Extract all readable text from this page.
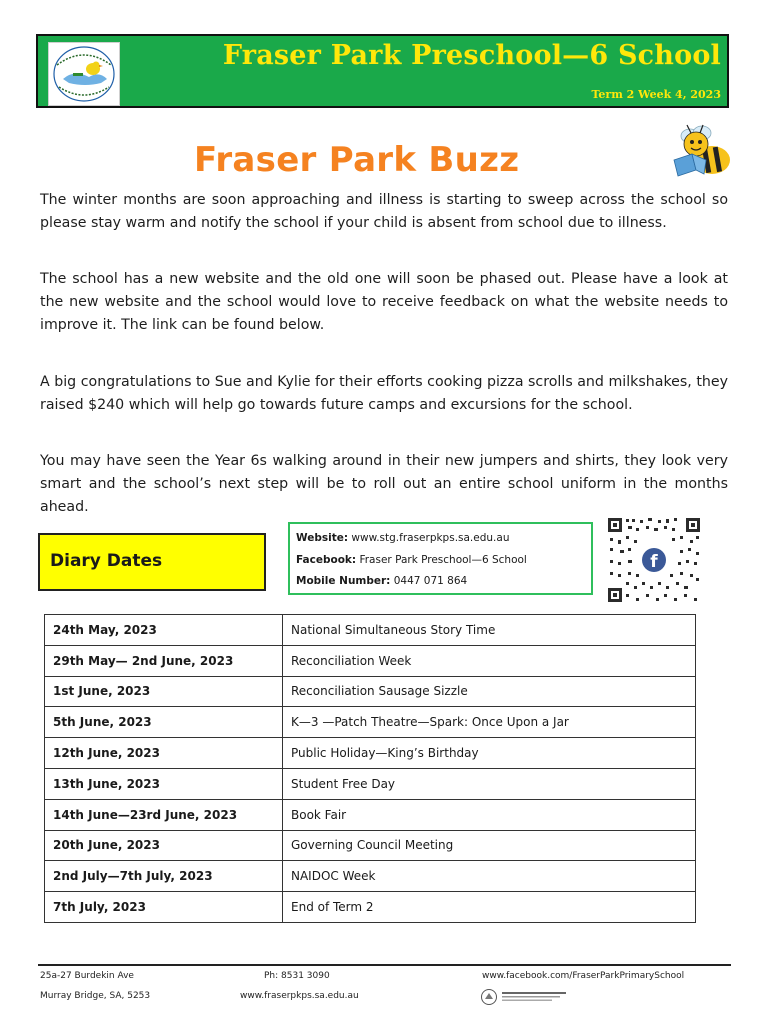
Fraser Park Preschool—6 School
Term 2 Week 4, 2023
Fraser Park Buzz
The winter months are soon approaching and illness is starting to sweep across the school so please stay warm and notify the school if your child is absent from school due to illness.
The school has a new website and the old one will soon be phased out. Please have a look at the new website and the school would love to receive feedback on what the website needs to improve it. The link can be found below.
A big congratulations to Sue and Kylie for their efforts cooking pizza scrolls and milkshakes, they raised $240 which will help go towards future camps and excursions for the school.
You may have seen the Year 6s walking around in their new jumpers and shirts, they look very smart and the school’s next step will be to roll out an entire school uniform in the months ahead.
Diary Dates
Website: www.stg.fraserpkps.sa.edu.au
Facebook: Fraser Park Preschool—6 School
Mobile Number: 0447 071 864
f
24th May, 2023	National Simultaneous Story Time
29th May— 2nd June, 2023	Reconciliation Week
1st June, 2023	Reconciliation Sausage Sizzle
5th June, 2023	K—3 —Patch Theatre—Spark: Once Upon a Jar
12th June, 2023	Public Holiday—King’s Birthday
13th June, 2023	Student Free Day
14th June—23rd June, 2023	Book Fair
20th June, 2023	Governing Council Meeting
2nd July—7th July, 2023	NAIDOC Week
7th July, 2023	End of Term 2
25a-27 Burdekin Ave
Murray Bridge, SA, 5253
Ph: 8531 3090
www.fraserpkps.sa.edu.au
www.facebook.com/FraserParkPrimarySchool
